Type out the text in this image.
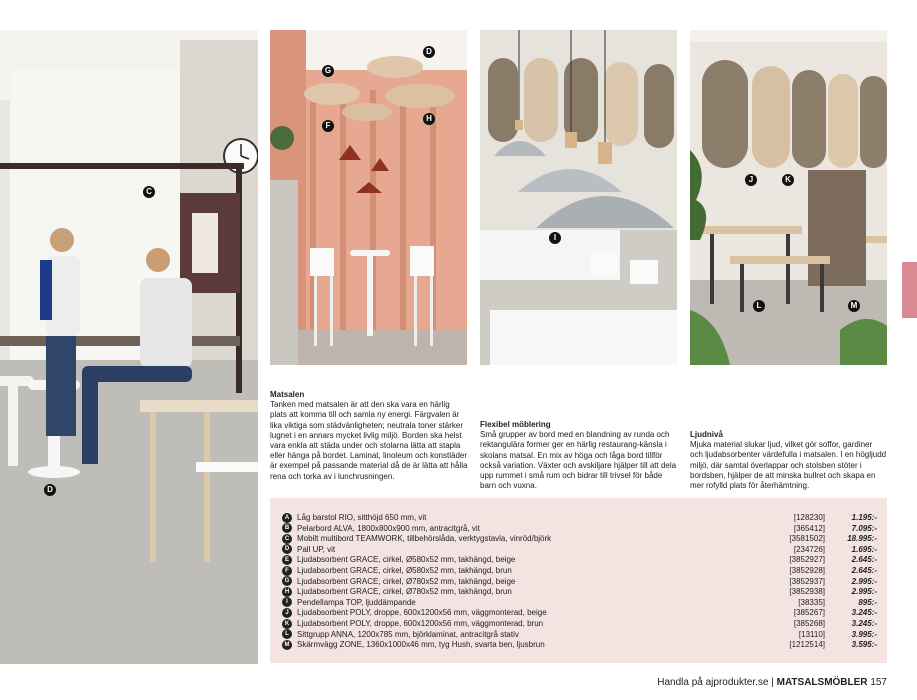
C
D
D
G
F
H
I
J	K
L	M
Matsalen
Tanken med matsalen är att den ska vara en härlig plats att komma till och samla ny energi. Färgvalen är lika viktiga som städvänligheten; neutrala toner stärker lugnet i en annars mycket livlig miljö. Borden ska helst vara enkla att städa under och stolarna lätta att stapla eller hänga på bordet. Laminat, linoleum och konstläder är exempel på passande material då de är lätta att hålla rena och torka av i lunchrusningen.
Flexibel möblering
Små grupper av bord med en blandning av runda och rektangulära former ger en härlig restaurang-känsla i skolans matsal. En mix av höga och låga bord tillför också variation. Växter och avskiljare hjälper till att dela upp rummet i små rum och bidrar till trivsel för både barn och vuxna.
Ljudnivå
Mjuka material slukar ljud, vilket gör soffor, gardiner och ljudabsorbenter värdefulla i matsalen. I en högljudd miljö, där samtal överlappar och stolsben stöter i bordsben, hjälper de att minska bullret och skapa en mer rofylld plats för återhämtning.
A Låg barstol RIO, sitthöjd 650 mm, vit	[128230]	1.195:-
B Pelarbord ALVA, 1800x800x900 mm, antracitgrå, vit	[365412]	7.095:-
C Mobilt multibord TEAMWORK, tillbehörslåda, verktygstavla, vinröd/björk	[3581502]	18.995:-
D Pall UP, vit	[234726]	1.695:-
E	Ljudabsorbent GRACE, cirkel, Ø580x52 mm, takhängd, beige	[3852927]	2.645:-
F	Ljudabsorbent GRACE, cirkel, Ø580x52 mm, takhängd, brun	[3852928]	2.645:-
G Ljudabsorbent GRACE, cirkel, Ø780x52 mm, takhängd, beige	[3852937]	2.995:-
H Ljudabsorbent GRACE, cirkel, Ø780x52 mm, takhängd, brun	[3852938]	2.995:-
I	Pendellampa TOP, ljuddämpande	[38335]	895:-
J	Ljudabsorbent POLY, droppe, 600x1200x56 mm, väggmonterad, beige	[385267]	3.245:-
K Ljudabsorbent POLY, droppe, 600x1200x56 mm, väggmonterad, brun	[385268]	3.245:-
L	Sittgrupp ANNA, 1200x785 mm, björklaminat, antracitgrå stativ	[13110]	3.995:-
M Skärmvägg ZONE, 1360x1000x46 mm, tyg Hush, svarta ben, ljusbrun	[1212514]	3.595:-
Handla på ajprodukter.se | MATSALSMÖBLER 157
